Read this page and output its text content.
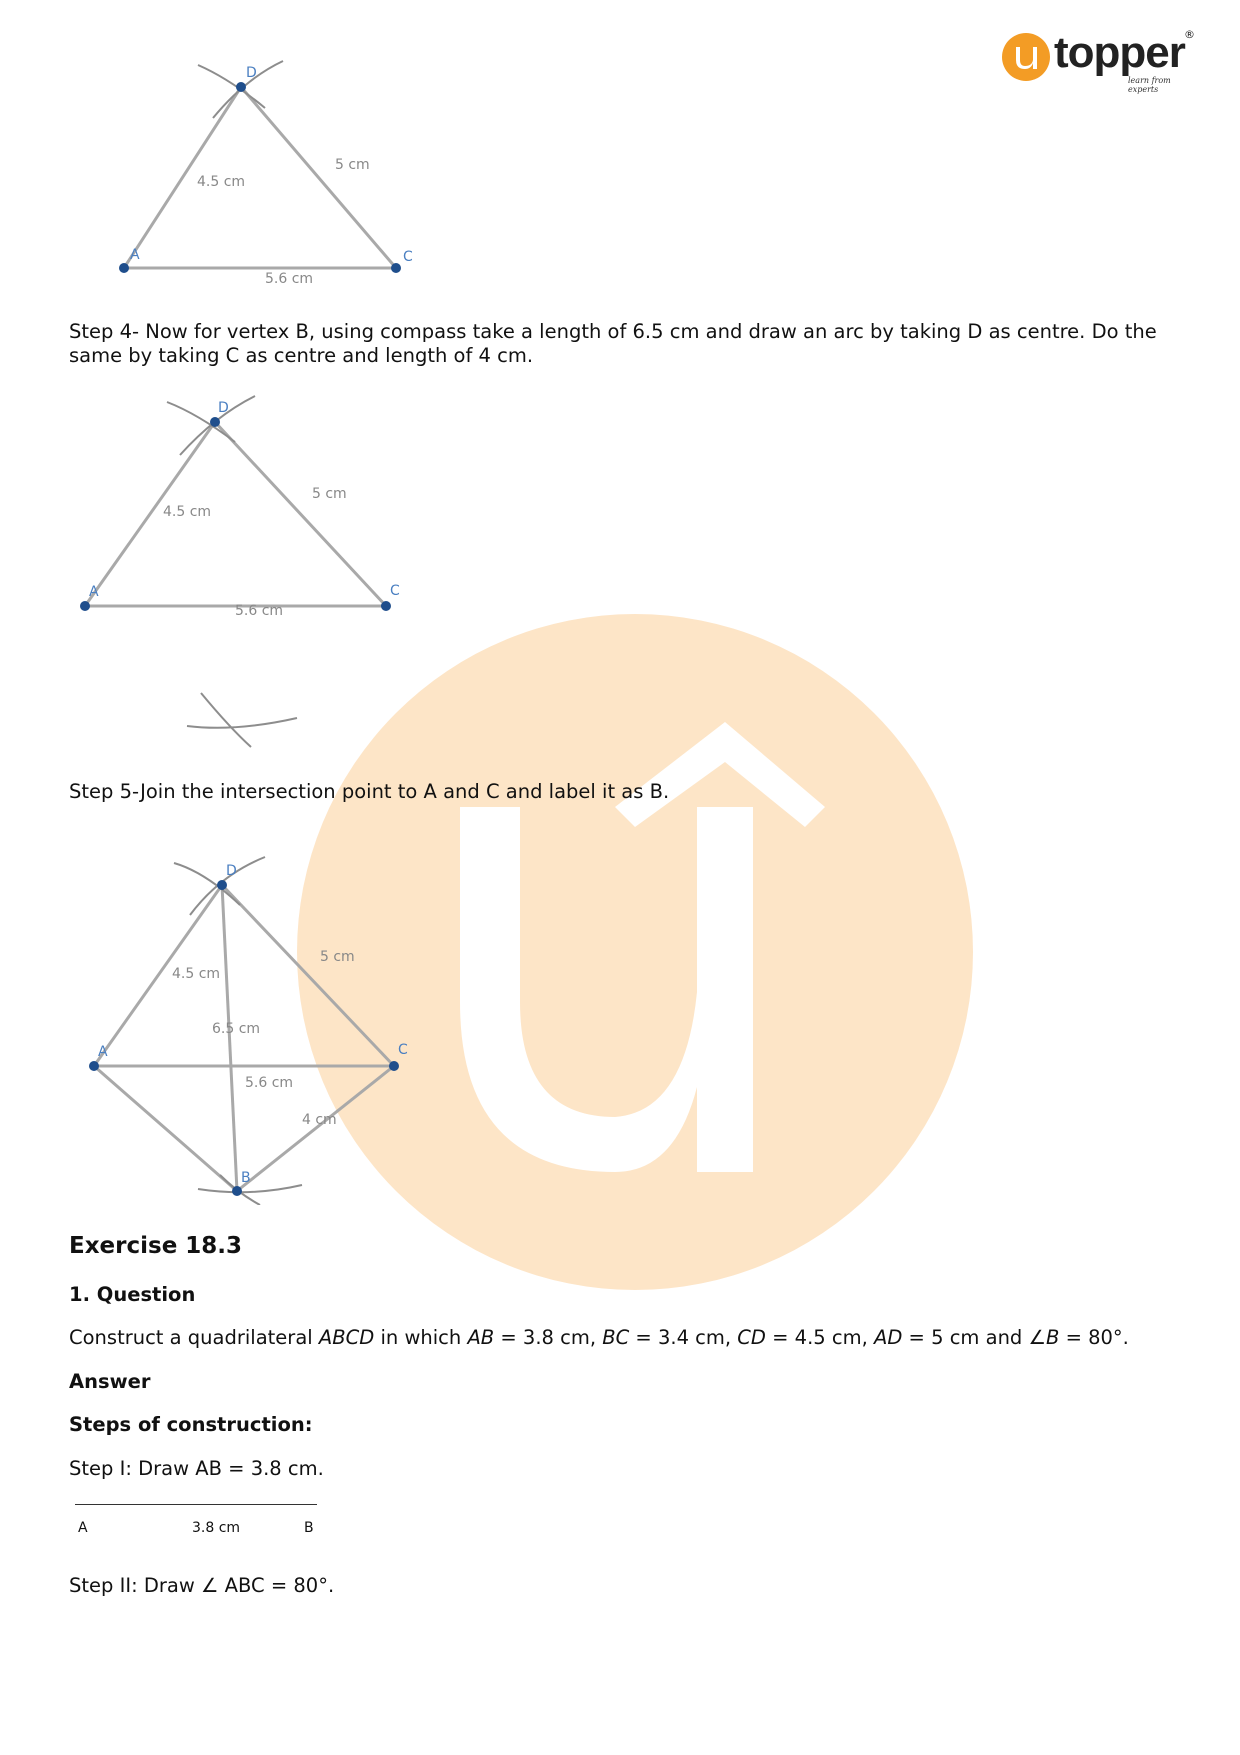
topper ®
learn from experts
D
A	C
4.5 cm
5 cm
5.6 cm
Step 4- Now for vertex B, using compass take a length of 6.5 cm and draw an arc by taking D as centre. Do the same by taking C as centre and length of 4 cm.
D
A	C
4.5 cm
5 cm
5.6 cm
Step 5-Join the intersection point to A and C and label it as B.
D
A	C
B
4.5 cm
5 cm
6.5 cm
5.6 cm
4 cm
Exercise 18.3
1. Question
Construct a quadrilateral ABCD in which AB = 3.8 cm, BC = 3.4 cm, CD = 4.5 cm, AD = 5 cm and ∠B = 80°.
Answer
Steps of construction:
Step I: Draw AB = 3.8 cm.
A	3.8 cm	B
Step II: Draw ∠ ABC = 80°.
